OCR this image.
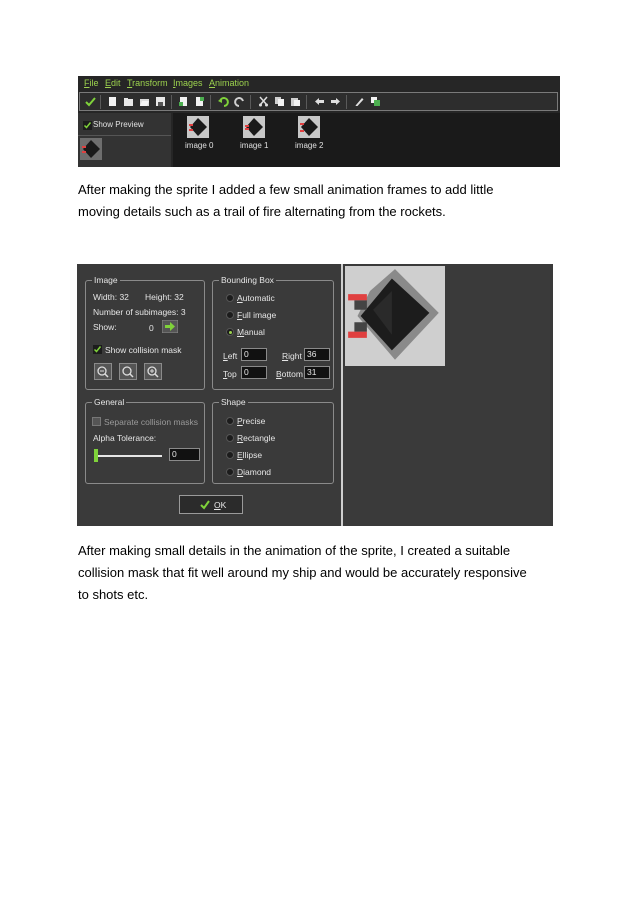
File Edit Transform Images Animation
Show Preview
image 0	image 1	image 2
After making the sprite I added a few small animation frames to add little
moving details such as a trail of fire alternating from the rockets.
Image
Width: 32 Height: 32
Number of subimages: 3
Show:	0
Show collision mask
Bounding Box
Automatic
Full image
Manual
Left 0	Right 36
Top 0	Bottom 31
General
Separate collision masks
Alpha Tolerance:
0
Shape
Precise
Rectangle
Ellipse
Diamond
OK
After making small details in the animation of the sprite, I created a suitable
collision mask that fit well around my ship and would be accurately responsive
to shots etc.
